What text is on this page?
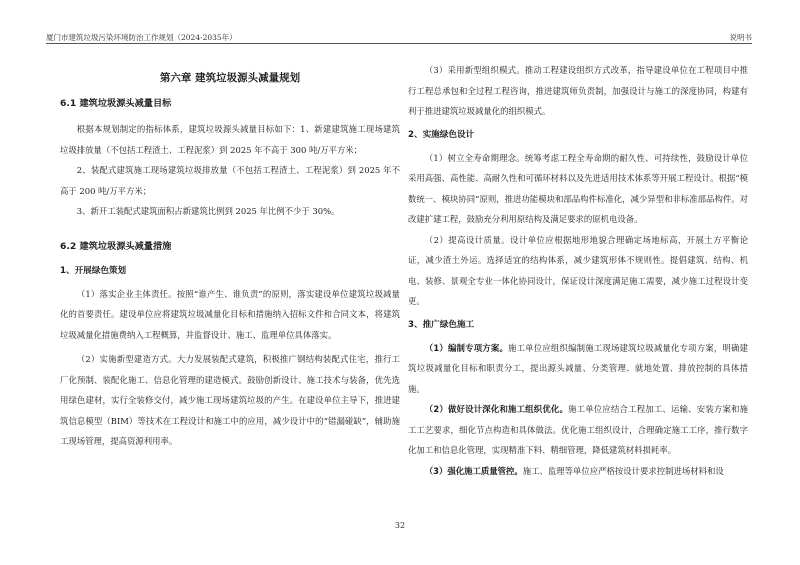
厦门市建筑垃圾污染环境防治工作规划（2024-2035年）	说明书
第六章 建筑垃圾源头减量规划
6.1 建筑垃圾源头减量目标

根据本规划制定的指标体系，建筑垃圾源头减量目标如下：1、新建建筑施工现场建筑垃圾排放量（不包括工程渣土、工程泥浆）到 2025 年不高于 300 吨/万平方米；

2、装配式建筑施工现场建筑垃圾排放量（不包括工程渣土、工程泥浆）到 2025 年不高于 200 吨/万平方米；

3、新开工装配式建筑面积占新建筑比例到 2025 年比例不少于 30%。

6.2 建筑垃圾源头减量措施
1、开展绿色策划

（1）落实企业主体责任。按照“谁产生、谁负责”的原则，落实建设单位建筑垃圾减量化的首要责任。建设单位应将建筑垃圾减量化目标和措施纳入招标文件和合同文本，将建筑垃圾减量化措施费纳入工程概算，并监督设计、施工、监理单位具体落实。

（2）实施新型建造方式。大力发展装配式建筑，积极推广钢结构装配式住宅，推行工厂化预制、装配化施工、信息化管理的建造模式。鼓励创新设计、施工技术与装备，优先选用绿色建材，实行全装修交付，减少施工现场建筑垃圾的产生。在建设单位主导下，推进建筑信息模型（BIM）等技术在工程设计和施工中的应用，减少设计中的“错漏碰缺”，辅助施工现场管理，提高资源利用率。

（3）采用新型组织模式。推动工程建设组织方式改革，指导建设单位在工程项目中推行工程总承包和全过程工程咨询，推进建筑师负责制，加强设计与施工的深度协同，构建有利于推进建筑垃圾减量化的组织模式。

2、实施绿色设计

（1）树立全寿命期理念。统筹考虑工程全寿命期的耐久性、可持续性，鼓励设计单位采用高强、高性能、高耐久性和可循环材料以及先进适用技术体系等开展工程设计。根据“模数统一、模块协同”原则，推进功能模块和部品构件标准化，减少异型和非标准部品构件。对改建扩建工程，鼓励充分利用原结构及满足要求的原机电设备。

（2）提高设计质量。设计单位应根据地形地貌合理确定场地标高，开展土方平衡论证，减少渣土外运。选择适宜的结构体系，减少建筑形体不规则性。提倡建筑、结构、机电、装修、景观全专业一体化协同设计，保证设计深度满足施工需要，减少施工过程设计变更。

3、推广绿色施工

（1）编制专项方案。施工单位应组织编制施工现场建筑垃圾减量化专项方案，明确建筑垃圾减量化目标和职责分工，提出源头减量、分类管理、就地处置、排放控制的具体措施。

（2）做好设计深化和施工组织优化。施工单位应结合工程加工、运输、安装方案和施工工艺要求，细化节点构造和具体做法。优化施工组织设计，合理确定施工工序，推行数字化加工和信息化管理，实现精准下料、精细管理，降低建筑材料损耗率。

（3）强化施工质量管控。施工、监理等单位应严格按设计要求控制进场材料和设

32
